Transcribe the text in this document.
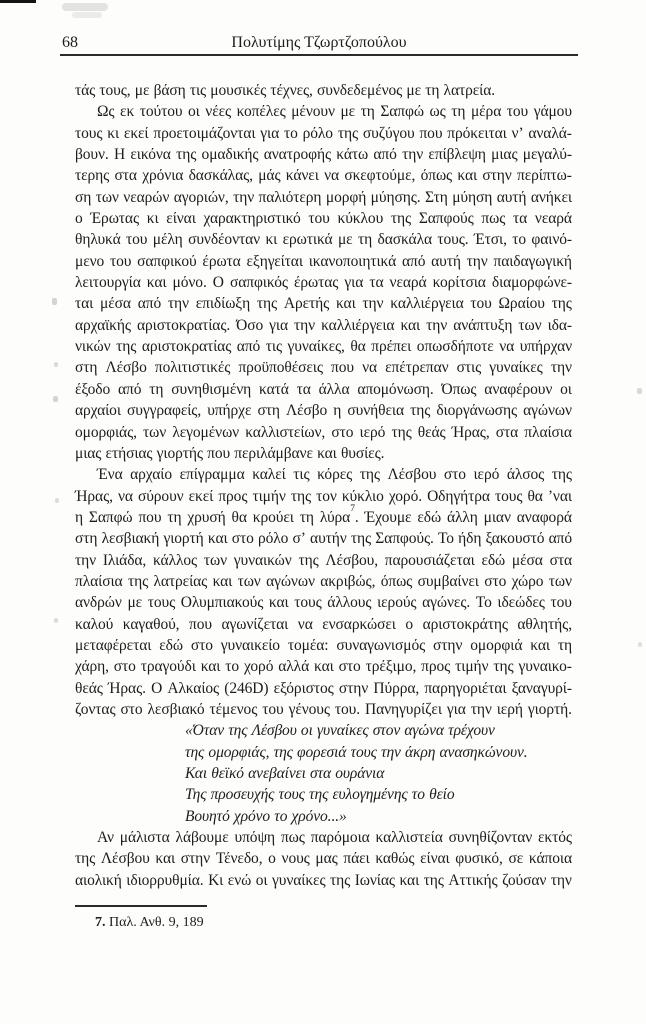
68	Πολυτίμης Τζωρτζοπούλου
τάς τους, με βάση τις μουσικές τέχνες, συνδεδεμένος με τη λατρεία.
Ως εκ τούτου οι νέες κοπέλες μένουν με τη Σαπφώ ως τη μέρα του γάμου
τους κι εκεί προετοιμάζονται για το ρόλο της συζύγου που πρόκειται ν’ αναλά-
βουν. Η εικόνα της ομαδικής ανατροφής κάτω από την επίβλεψη μιας μεγαλύ-
τερης στα χρόνια δασκάλας, μάς κάνει να σκεφτούμε, όπως και στην περίπτω-
ση των νεαρών αγοριών, την παλιότερη μορφή μύησης. Στη μύηση αυτή ανήκει
ο Έρωτας κι είναι χαρακτηριστικό του κύκλου της Σαπφούς πως τα νεαρά
θηλυκά του μέλη συνδέονταν κι ερωτικά με τη δασκάλα τους. Έτσι, το φαινό-
μενο του σαπφικού έρωτα εξηγείται ικανοποιητικά από αυτή την παιδαγωγική
λειτουργία και μόνο. Ο σαπφικός έρωτας για τα νεαρά κορίτσια διαμορφώνε-
ται μέσα από την επιδίωξη της Αρετής και την καλλιέργεια του Ωραίου της
αρχαϊκής αριστοκρατίας. Όσο για την καλλιέργεια και την ανάπτυξη των ιδα-
νικών της αριστοκρατίας από τις γυναίκες, θα πρέπει οπωσδήποτε να υπήρχαν
στη Λέσβο πολιτιστικές προϋποθέσεις που να επέτρεπαν στις γυναίκες την
έξοδο από τη συνηθισμένη κατά τα άλλα απομόνωση. Όπως αναφέρουν οι
αρχαίοι συγγραφείς, υπήρχε στη Λέσβο η συνήθεια της διοργάνωσης αγώνων
ομορφιάς, των λεγομένων καλλιστείων, στο ιερό της θεάς Ήρας, στα πλαίσια
μιας ετήσιας γιορτής που περιλάμβανε και θυσίες.
Ένα αρχαίο επίγραμμα καλεί τις κόρες της Λέσβου στο ιερό άλσος της
Ήρας, να σύρουν εκεί προς τιμήν της τον κύκλιο χορό. Οδηγήτρα τους θα ’ναι
η Σαπφώ που τη χρυσή θα κρούει τη λύρα$^7$. Έχουμε εδώ άλλη μιαν αναφορά
στη λεσβιακή γιορτή και στο ρόλο σ’ αυτήν της Σαπφούς. Το ήδη ξακουστό από
την Ιλιάδα, κάλλος των γυναικών της Λέσβου, παρουσιάζεται εδώ μέσα στα
πλαίσια της λατρείας και των αγώνων ακριβώς, όπως συμβαίνει στο χώρο των
ανδρών με τους Ολυμπιακούς και τους άλλους ιερούς αγώνες. Το ιδεώδες του
καλού καγαθού, που αγωνίζεται να ενσαρκώσει ο αριστοκράτης αθλητής,
μεταφέρεται εδώ στο γυναικείο τομέα: συναγωνισμός στην ομορφιά και τη
χάρη, στο τραγούδι και το χορό αλλά και στο τρέξιμο, προς τιμήν της γυναικο-
θεάς Ήρας. Ο Αλκαίος (246D) εξόριστος στην Πύρρα, παρηγοριέται ξαναγυρί-
ζοντας στο λεσβιακό τέμενος του γένους του. Πανηγυρίζει για την ιερή γιορτή.
«Όταν της Λέσβου οι γυναίκες στον αγώνα τρέχουν
της ομορφιάς, της φορεσιά τους την άκρη ανασηκώνουν.
Και θεϊκό ανεβαίνει στα ουράνια
Της προσευχής τους της ευλογημένης το θείο
Βουητό χρόνο το χρόνο...»
Αν μάλιστα λάβουμε υπόψη πως παρόμοια καλλιστεία συνηθίζονταν εκτός
της Λέσβου και στην Τένεδο, ο νους μας πάει καθώς είναι φυσικό, σε κάποια
αιολική ιδιορρυθμία. Κι ενώ οι γυναίκες της Ιωνίας και της Αττικής ζούσαν την
7. Παλ. Ανθ. 9, 189
